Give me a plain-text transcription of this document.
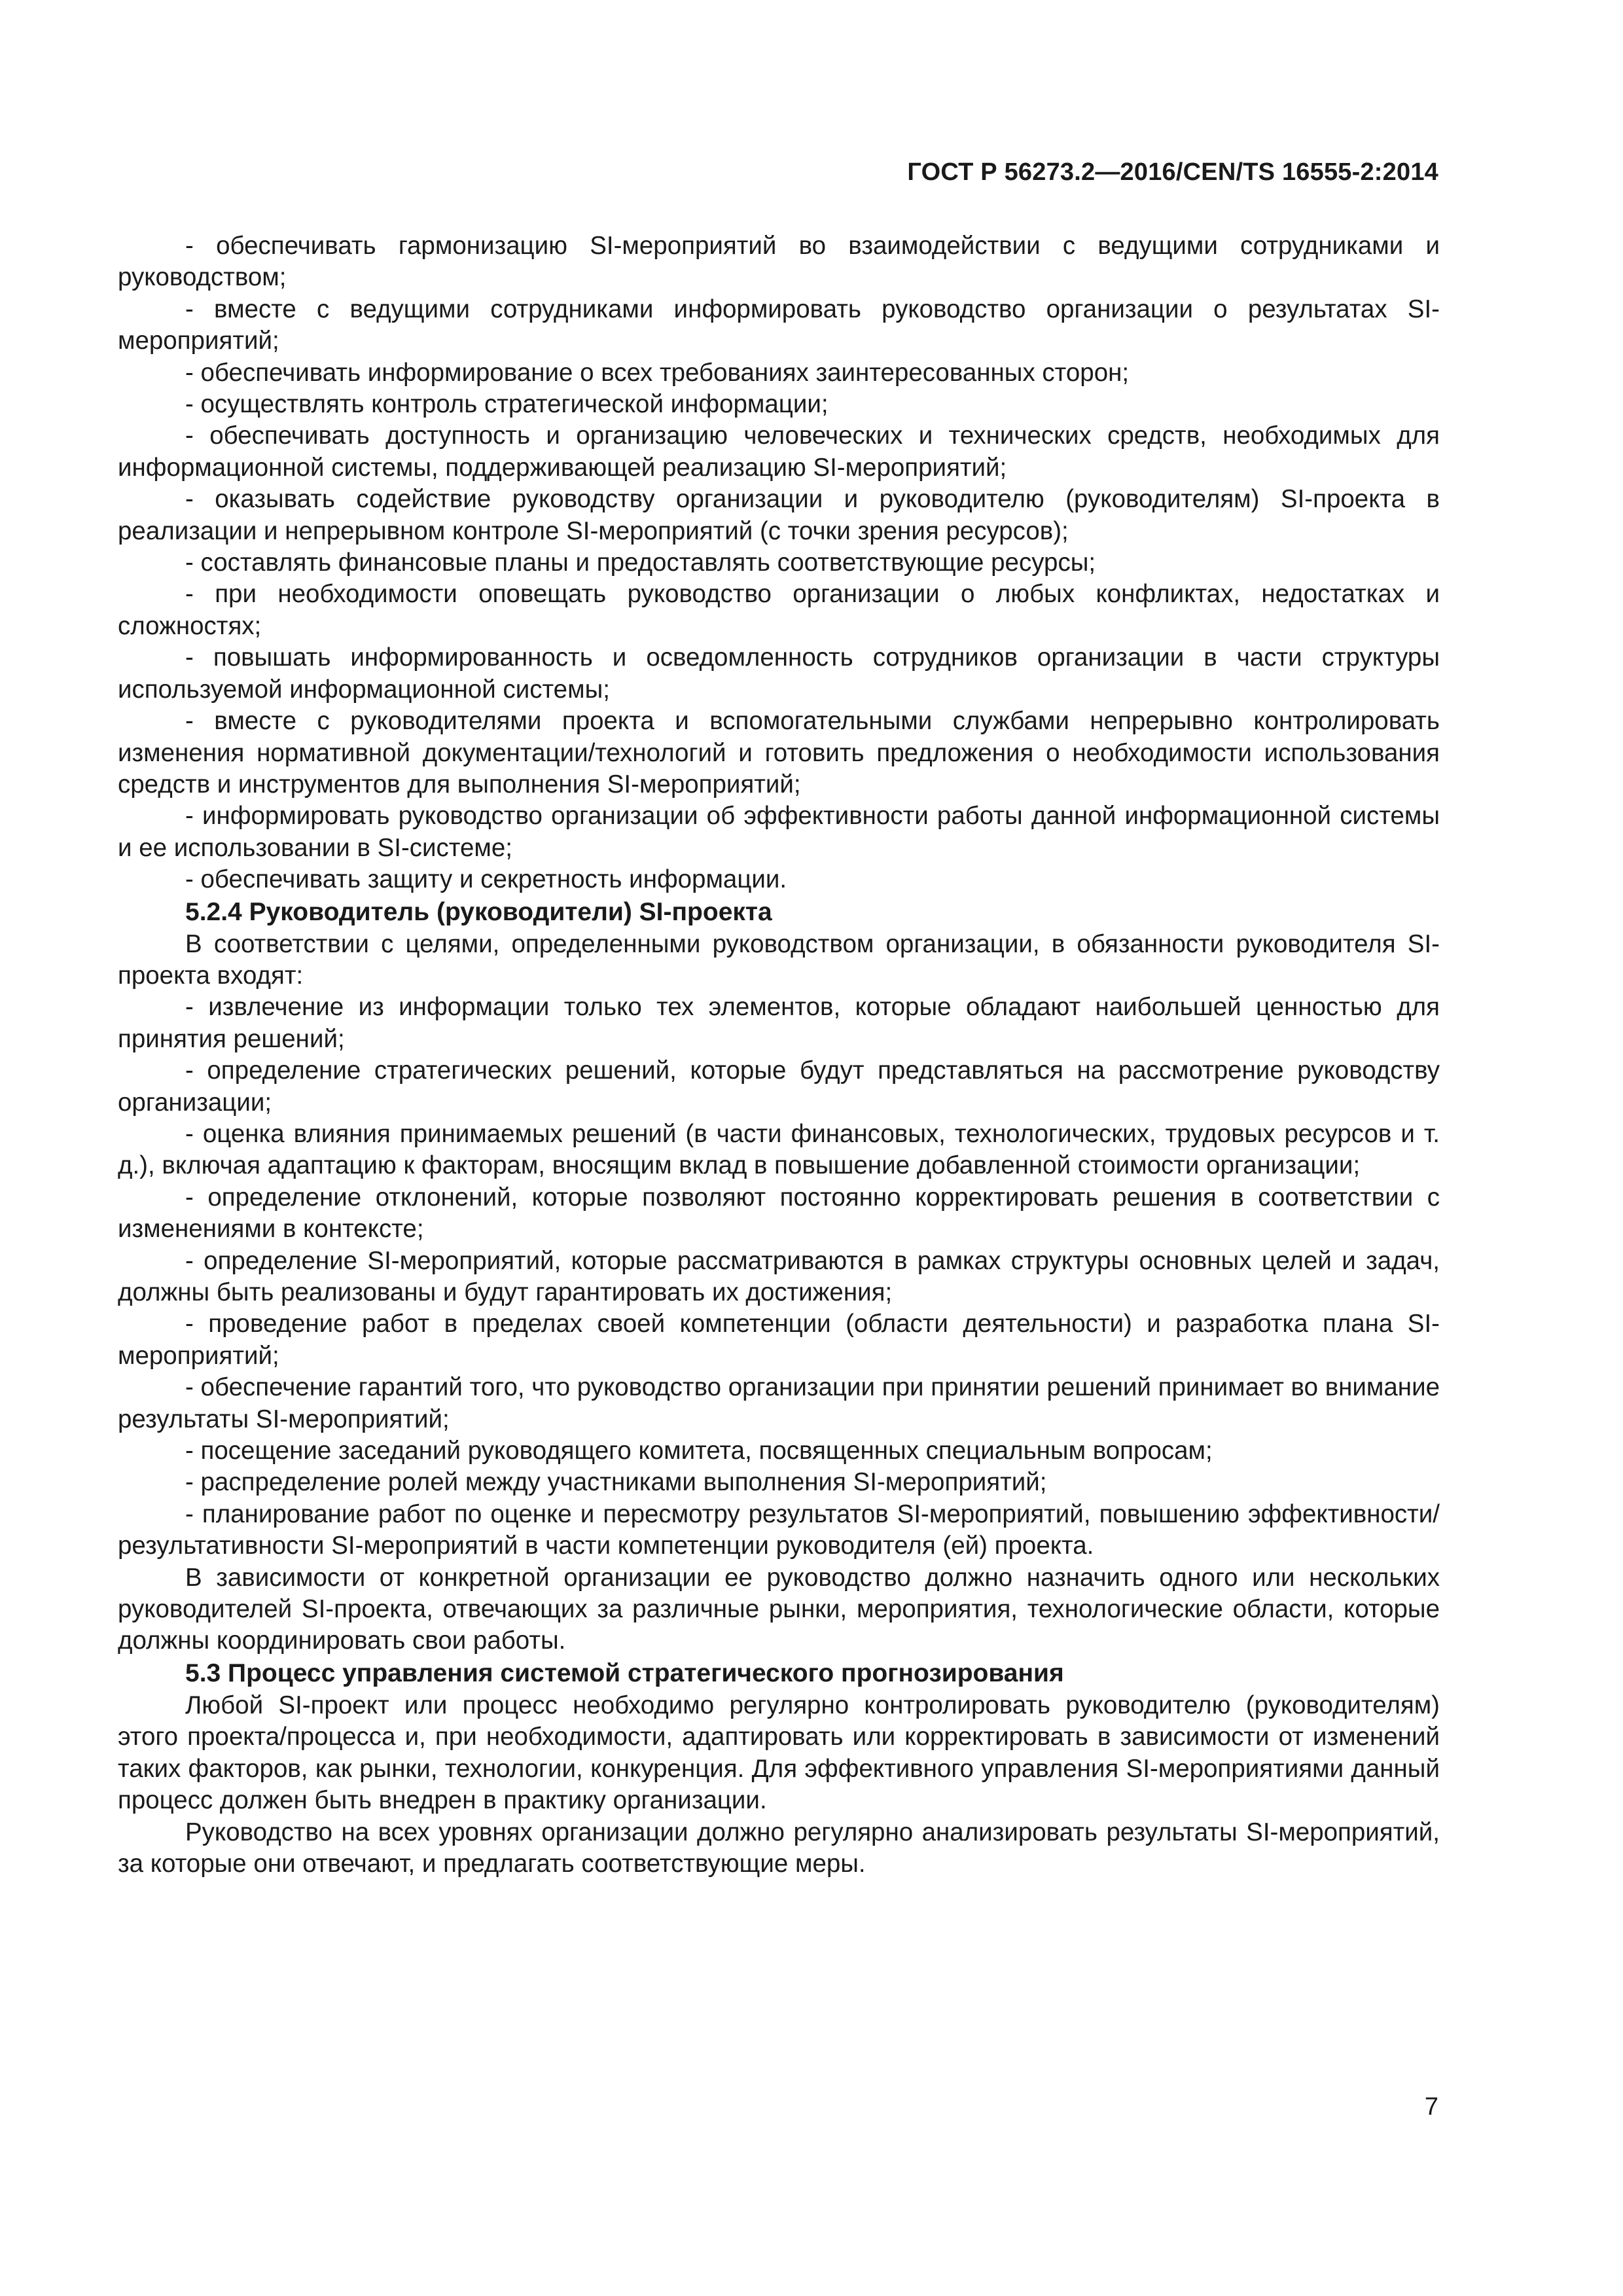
ГОСТ Р 56273.2—2016/CEN/TS 16555-2:2014

- обеспечивать гармонизацию SI-мероприятий во взаимодействии с ведущими сотрудниками и руководством;

- вместе с ведущими сотрудниками информировать руководство организации о результатах SI-мероприятий;

- обеспечивать информирование о всех требованиях заинтересованных сторон;

- осуществлять контроль стратегической информации;

- обеспечивать доступность и организацию человеческих и технических средств, необходимых для информационной системы, поддерживающей реализацию SI-мероприятий;

- оказывать содействие руководству организации и руководителю (руководителям) SI-проекта в реализации и непрерывном контроле SI-мероприятий (с точки зрения ресурсов);

- составлять финансовые планы и предоставлять соответствующие ресурсы;

- при необходимости оповещать руководство организации о любых конфликтах, недостатках и сложностях;

- повышать информированность и осведомленность сотрудников организации в части структуры используемой информационной системы;

- вместе с руководителями проекта и вспомогательными службами непрерывно контролировать изменения нормативной документации/технологий и готовить предложения о необходимости использования средств и инструментов для выполнения SI-мероприятий;

- информировать руководство организации об эффективности работы данной информационной системы и ее использовании в SI-системе;

- обеспечивать защиту и секретность информации.

5.2.4 Руководитель (руководители) SI-проекта

В соответствии с целями, определенными руководством организации, в обязанности руководителя SI-проекта входят:

- извлечение из информации только тех элементов, которые обладают наибольшей ценностью для принятия решений;

- определение стратегических решений, которые будут представляться на рассмотрение руководству организации;

- оценка влияния принимаемых решений (в части финансовых, технологических, трудовых ресурсов и т. д.), включая адаптацию к факторам, вносящим вклад в повышение добавленной стоимости организации;

- определение отклонений, которые позволяют постоянно корректировать решения в соответствии с изменениями в контексте;

- определение SI-мероприятий, которые рассматриваются в рамках структуры основных целей и задач, должны быть реализованы и будут гарантировать их достижения;

- проведение работ в пределах своей компетенции (области деятельности) и разработка плана SI-мероприятий;

- обеспечение гарантий того, что руководство организации при принятии решений принимает во внимание результаты SI-мероприятий;

- посещение заседаний руководящего комитета, посвященных специальным вопросам;

- распределение ролей между участниками выполнения SI-мероприятий;

- планирование работ по оценке и пересмотру результатов SI-мероприятий, повышению эффективности/результативности SI-мероприятий в части компетенции руководителя (ей) проекта.

В зависимости от конкретной организации ее руководство должно назначить одного или нескольких руководителей SI-проекта, отвечающих за различные рынки, мероприятия, технологические области, которые должны координировать свои работы.

5.3 Процесс управления системой стратегического прогнозирования

Любой SI-проект или процесс необходимо регулярно контролировать руководителю (руководителям) этого проекта/процесса и, при необходимости, адаптировать или корректировать в зависимости от изменений таких факторов, как рынки, технологии, конкуренция. Для эффективного управления SI-мероприятиями данный процесс должен быть внедрен в практику организации.

Руководство на всех уровнях организации должно регулярно анализировать результаты SI-мероприятий, за которые они отвечают, и предлагать соответствующие меры.

7
